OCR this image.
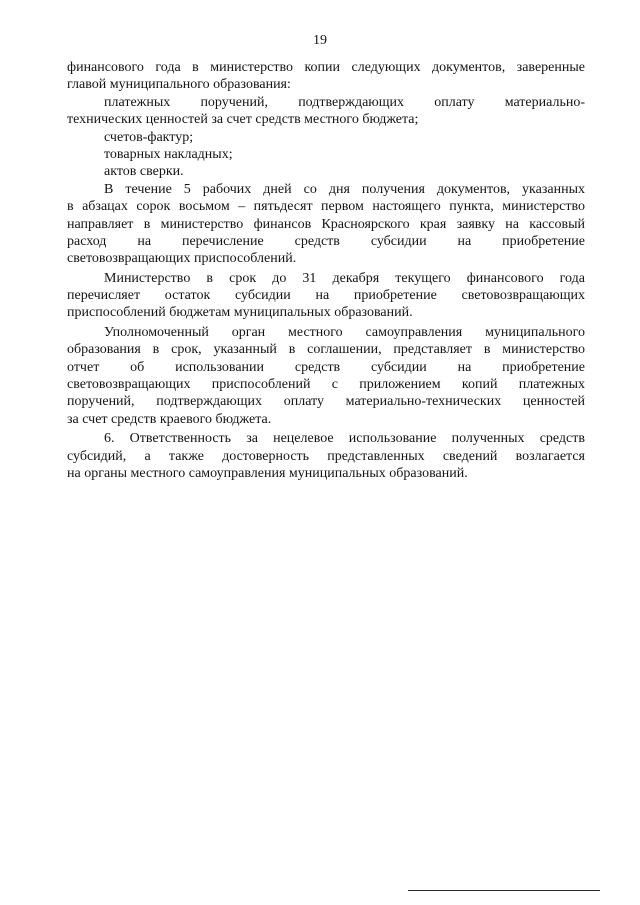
19
финансового года в министерство копии следующих документов, заверенные
главой муниципального образования:
платежных поручений, подтверждающих оплату материально-
технических ценностей за счет средств местного бюджета;
счетов-фактур;
товарных накладных;
актов сверки.
В течение 5 рабочих дней со дня получения документов, указанных
в абзацах сорок восьмом – пятьдесят первом настоящего пункта, министерство
направляет в министерство финансов Красноярского края заявку на кассовый
расход на перечисление средств субсидии на приобретение
световозвращающих приспособлений.
Министерство в срок до 31 декабря текущего финансового года
перечисляет остаток субсидии на приобретение световозвращающих
приспособлений бюджетам муниципальных образований.
Уполномоченный орган местного самоуправления муниципального
образования в срок, указанный в соглашении, представляет в министерство
отчет об использовании средств субсидии на приобретение
световозвращающих приспособлений с приложением копий платежных
поручений, подтверждающих оплату материально-технических ценностей
за счет средств краевого бюджета.
6. Ответственность за нецелевое использование полученных средств
субсидий, а также достоверность представленных сведений возлагается
на органы местного самоуправления муниципальных образований.
